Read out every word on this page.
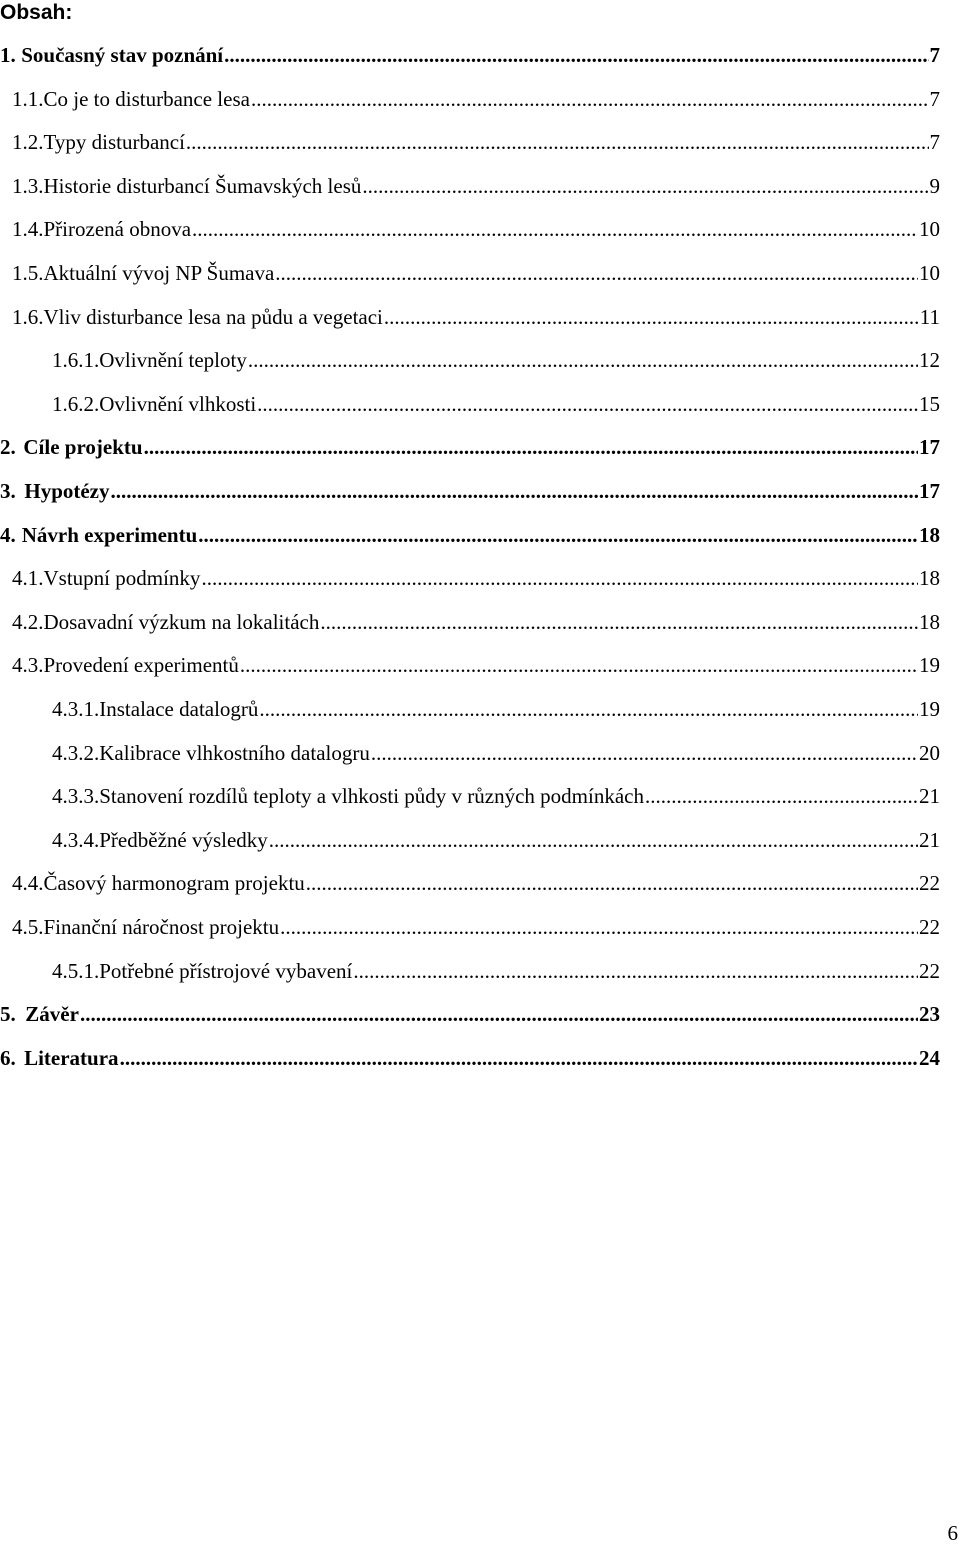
Obsah:
1. Současný stav poznání .....	7
1.1. Co je to disturbance lesa .....	7
1.2. Typy disturbancí .....	7
1.3. Historie disturbancí Šumavských lesů .....	9
1.4. Přirozená obnova .....	10
1.5. Aktuální vývoj NP Šumava .....	10
1.6. Vliv disturbance lesa na půdu a vegetaci .....	11
1.6.1. Ovlivnění teploty .....	12
1.6.2. Ovlivnění vlhkosti .....	15
2. Cíle projektu .....	17
3. Hypotézy .....	17
4. Návrh experimentu .....	18
4.1. Vstupní podmínky .....	18
4.2. Dosavadní výzkum na lokalitách .....	18
4.3. Provedení experimentů .....	19
4.3.1. Instalace datalogrů .....	19
4.3.2. Kalibrace vlhkostního datalogru .....	20
4.3.3. Stanovení rozdílů teploty a vlhkosti půdy v různých podmínkách .....	21
4.3.4. Předběžné výsledky .....	21
4.4. Časový harmonogram projektu .....	22
4.5. Finanční náročnost projektu .....	22
4.5.1. Potřebné přístrojové vybavení .....	22
5. Závěr .....	23
6. Literatura .....	24
6
